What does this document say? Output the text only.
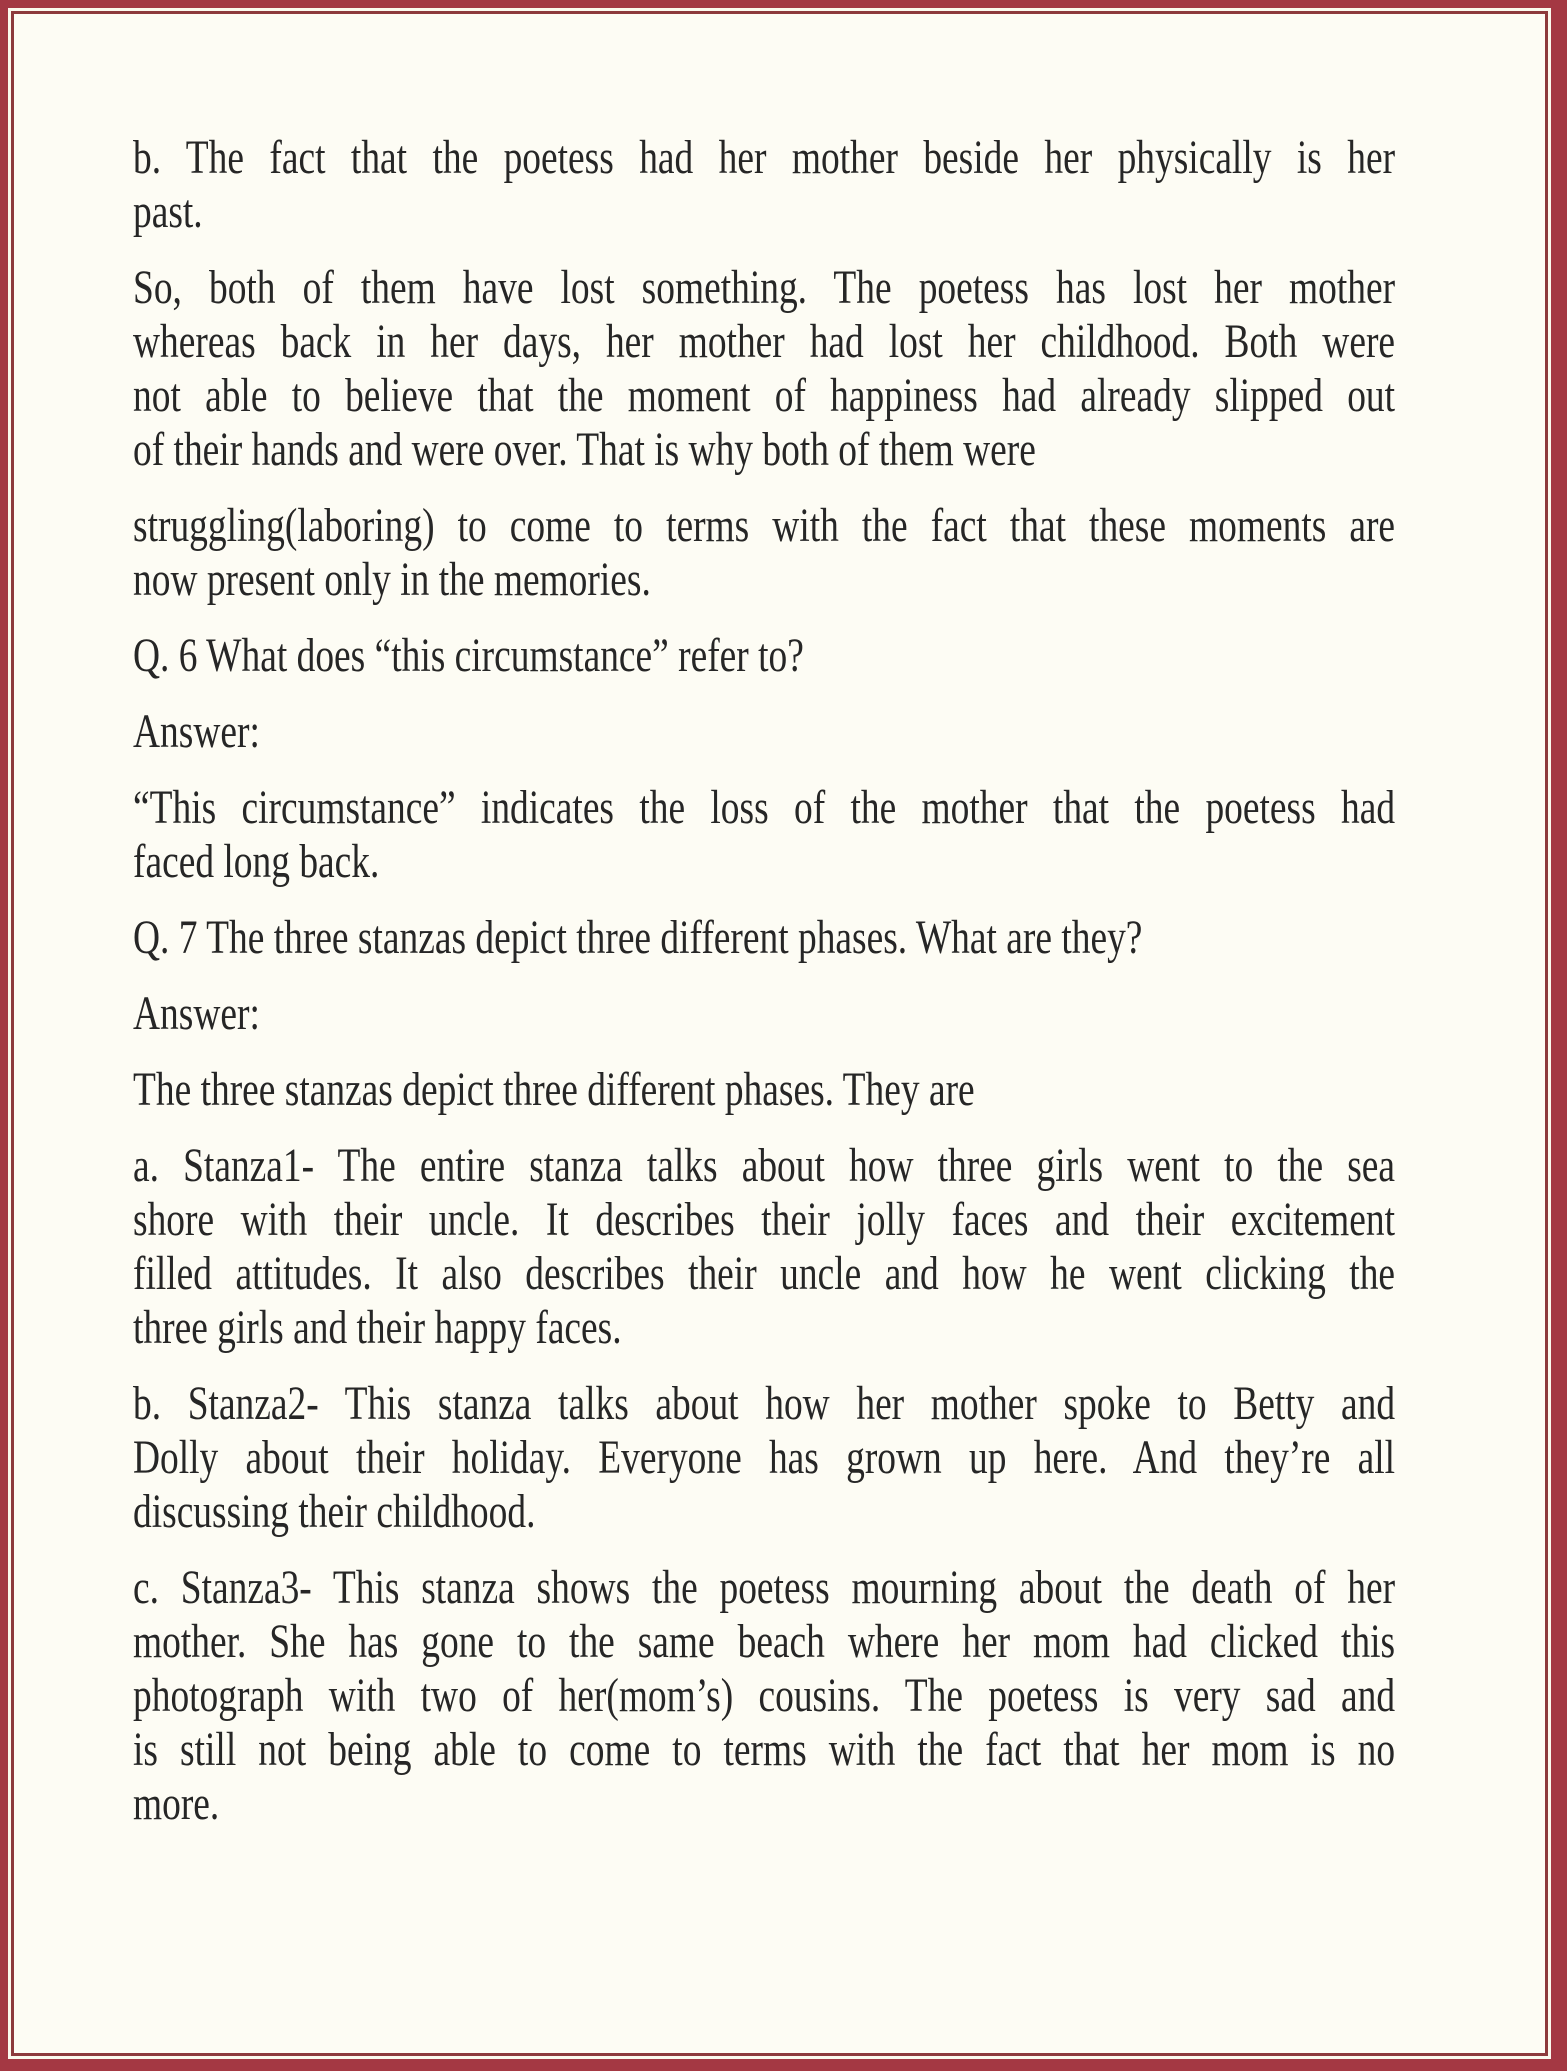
b. The fact that the poetess had her mother beside her physically is her
past.
So, both of them have lost something. The poetess has lost her mother
whereas back in her days, her mother had lost her childhood. Both were
not able to believe that the moment of happiness had already slipped out
of their hands and were over. That is why both of them were
struggling(laboring) to come to terms with the fact that these moments are
now present only in the memories.
Q. 6 What does “this circumstance” refer to?
Answer:
“This circumstance” indicates the loss of the mother that the poetess had
faced long back.
Q. 7 The three stanzas depict three different phases. What are they?
Answer:
The three stanzas depict three different phases. They are
a. Stanza1- The entire stanza talks about how three girls went to the sea
shore with their uncle. It describes their jolly faces and their excitement
filled attitudes. It also describes their uncle and how he went clicking the
three girls and their happy faces.
b. Stanza2- This stanza talks about how her mother spoke to Betty and
Dolly about their holiday. Everyone has grown up here. And they’re all
discussing their childhood.
c. Stanza3- This stanza shows the poetess mourning about the death of her
mother. She has gone to the same beach where her mom had clicked this
photograph with two of her(mom’s) cousins. The poetess is very sad and
is still not being able to come to terms with the fact that her mom is no
more.
